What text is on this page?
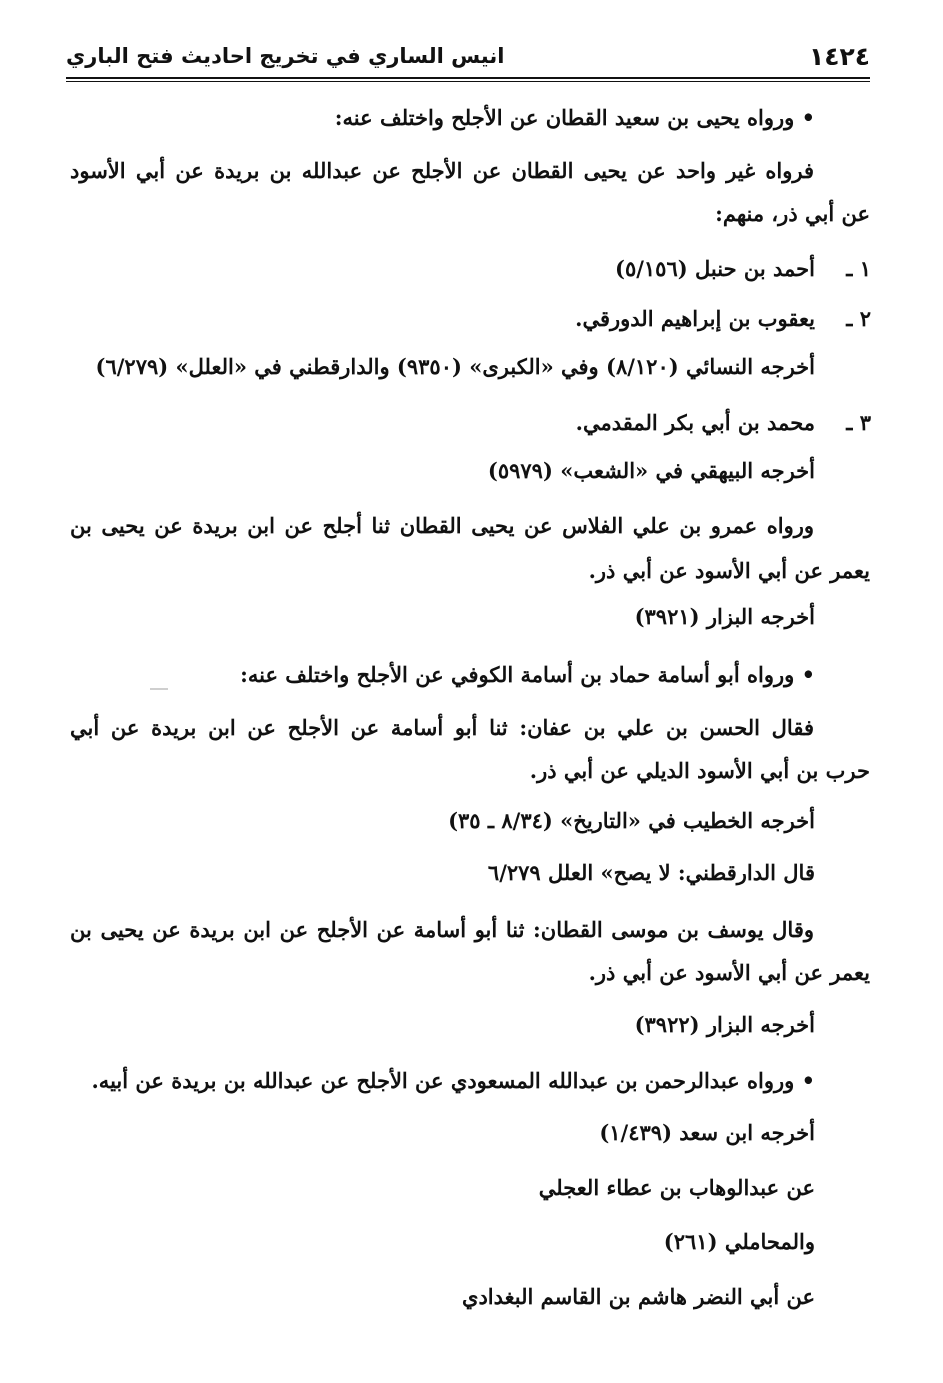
١٤٢٤
انيس الساري في تخريج احاديث فتح الباري
• ورواه يحيى بن سعيد القطان عن الأجلح واختلف عنه:
فرواه غير واحد عن يحيى القطان عن الأجلح عن عبدالله بن بريدة عن أبي الأسود
عن أبي ذر، منهم:
١ ـ
أحمد بن حنبل (٥/١٥٦)
٢ ـ
يعقوب بن إبراهيم الدورقي.
أخرجه النسائي (٨/١٢٠) وفي «الكبرى» (٩٣٥٠) والدارقطني في «العلل» (٦/٢٧٩)
٣ ـ
محمد بن أبي بكر المقدمي.
أخرجه البيهقي في «الشعب» (٥٩٧٩)
ورواه عمرو بن علي الفلاس عن يحيى القطان ثنا أجلح عن ابن بريدة عن يحيى بن
يعمر عن أبي الأسود عن أبي ذر.
أخرجه البزار (٣٩٢١)
• ورواه أبو أسامة حماد بن أسامة الكوفي عن الأجلح واختلف عنه:
فقال الحسن بن علي بن عفان: ثنا أبو أسامة عن الأجلح عن ابن بريدة عن أبي
حرب بن أبي الأسود الديلي عن أبي ذر.
أخرجه الخطيب في «التاريخ» (٨/٣٤ ـ ٣٥)
قال الدارقطني: لا يصح» العلل ٦/٢٧٩
وقال يوسف بن موسى القطان: ثنا أبو أسامة عن الأجلح عن ابن بريدة عن يحيى بن
يعمر عن أبي الأسود عن أبي ذر.
أخرجه البزار (٣٩٢٢)
• ورواه عبدالرحمن بن عبدالله المسعودي عن الأجلح عن عبدالله بن بريدة عن أبيه.
أخرجه ابن سعد (١/٤٣٩)
عن عبدالوهاب بن عطاء العجلي
والمحاملي (٢٦١)
عن أبي النضر هاشم بن القاسم البغدادي
